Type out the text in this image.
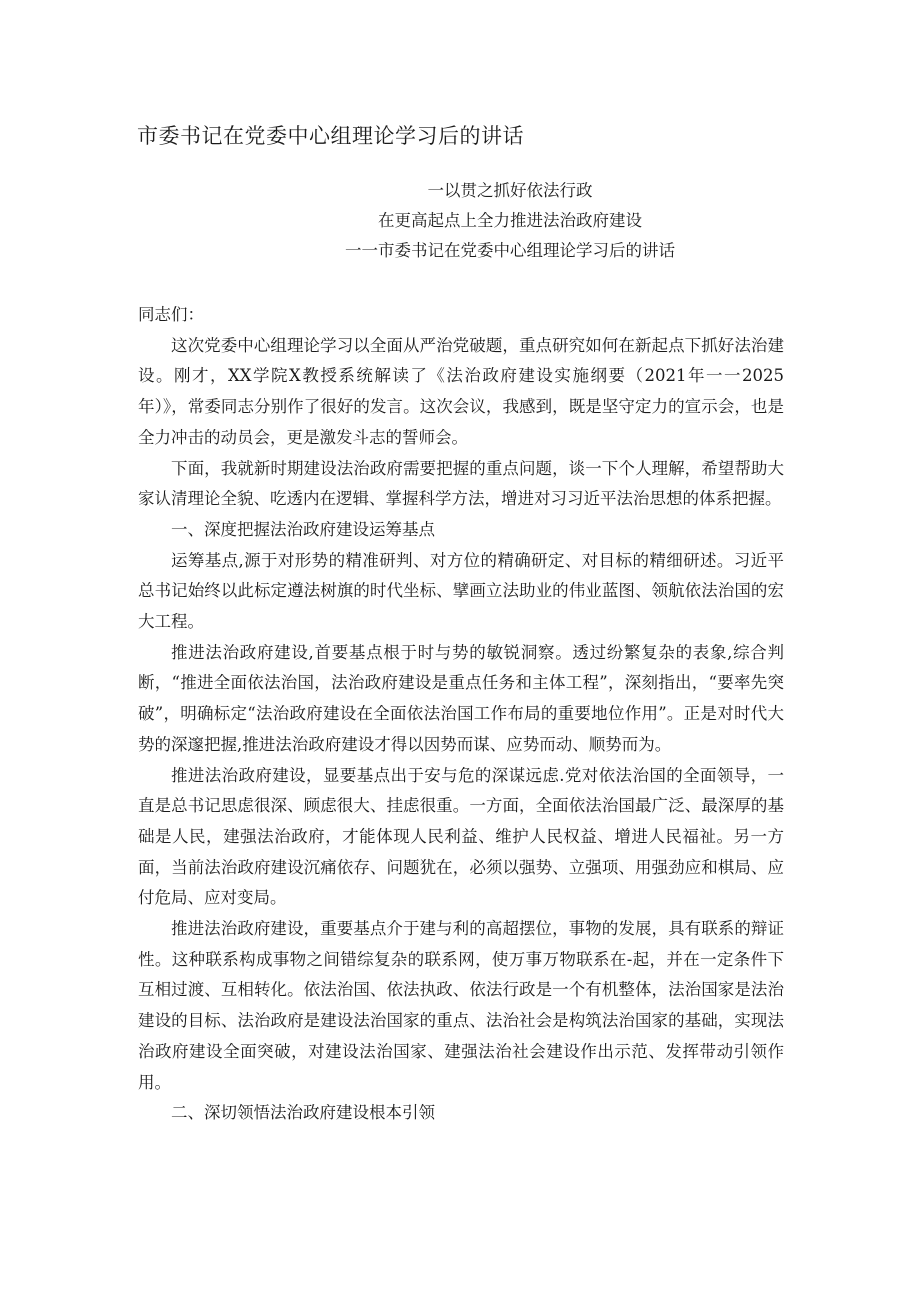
市委书记在党委中心组理论学习后的讲话
一以贯之抓好依法行政
在更高起点上全力推进法治政府建设
一一市委书记在党委中心组理论学习后的讲话

同志们：

这次党委中心组理论学习以全面从严治党破题，重点研究如何在新起点下抓好法治建设。刚才，XX学院X教授系统解读了《法治政府建设实施纲要（2021年一一2025年）》，常委同志分别作了很好的发言。这次会议，我感到，既是坚守定力的宣示会，也是全力冲击的动员会，更是激发斗志的誓师会。

下面，我就新时期建设法治政府需要把握的重点问题，谈一下个人理解，希望帮助大家认清理论全貌、吃透内在逻辑、掌握科学方法，增进对习习近平法治思想的体系把握。

一、深度把握法治政府建设运筹基点

运筹基点,源于对形势的精准研判、对方位的精确研定、对目标的精细研述。习近平总书记始终以此标定遵法树旗的时代坐标、擘画立法助业的伟业蓝图、领航依法治国的宏大工程。

推进法治政府建设,首要基点根于时与势的敏锐洞察。透过纷繁复杂的表象,综合判断，“推进全面依法治国，法治政府建设是重点任务和主体工程”，深刻指出，“要率先突破”，明确标定“法治政府建设在全面依法治国工作布局的重要地位作用”。正是对时代大势的深邃把握,推进法治政府建设才得以因势而谋、应势而动、顺势而为。

推进法治政府建设，显要基点出于安与危的深谋远虑.党对依法治国的全面领导，一直是总书记思虑很深、顾虑很大、挂虑很重。一方面，全面依法治国最广泛、最深厚的基础是人民，建强法治政府，才能体现人民利益、维护人民权益、增进人民福祉。另一方面，当前法治政府建设沉痛依存、问题犹在，必须以强势、立强项、用强劲应和棋局、应付危局、应对变局。

推进法治政府建设，重要基点介于建与利的高超摆位，事物的发展，具有联系的辩证性。这种联系构成事物之间错综复杂的联系网，使万事万物联系在-起，并在一定条件下互相过渡、互相转化。依法治国、依法执政、依法行政是一个有机整体，法治国家是法治建设的目标、法治政府是建设法治国家的重点、法治社会是构筑法治国家的基础，实现法治政府建设全面突破，对建设法治国家、建强法治社会建设作出示范、发挥带动引领作用。

二、深切领悟法治政府建设根本引领
